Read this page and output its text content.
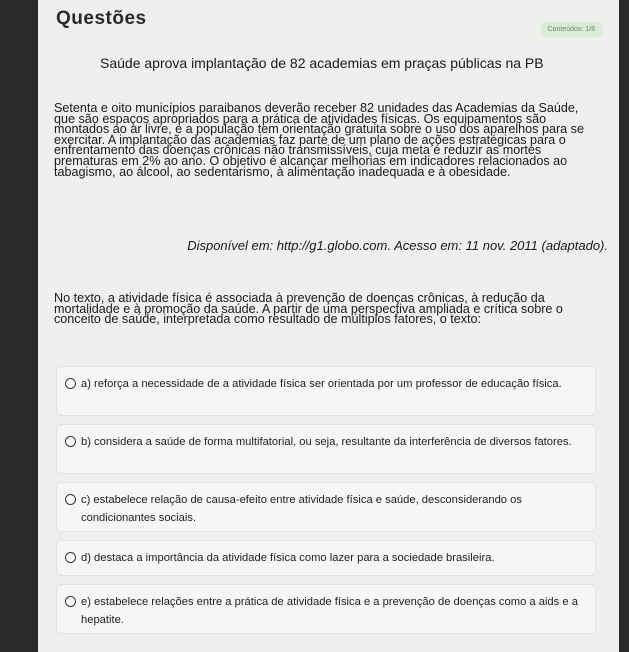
Questões
Conteúdos: 1/8
Saúde aprova implantação de 82 academias em praças públicas na PB

Setenta e oito municípios paraibanos deverão receber 82 unidades das Academias da Saúde, que são espaços apropriados para a prática de atividades físicas. Os equipamentos são montados ao ar livre, e a população tem orientação gratuita sobre o uso dos aparelhos para se exercitar. A implantação das academias faz parte de um plano de ações estratégicas para o enfrentamento das doenças crônicas não transmissíveis, cuja meta é reduzir as mortes prematuras em 2% ao ano. O objetivo é alcançar melhorias em indicadores relacionados ao tabagismo, ao álcool, ao sedentarismo, à alimentação inadequada e à obesidade.

Disponível em: http://g1.globo.com. Acesso em: 11 nov. 2011 (adaptado).

No texto, a atividade física é associada à prevenção de doenças crônicas, à redução da mortalidade e à promoção da saúde. A partir de uma perspectiva ampliada e crítica sobre o conceito de saúde, interpretada como resultado de múltiplos fatores, o texto:

a) reforça a necessidade de a atividade física ser orientada por um professor de educação física.
b) considera a saúde de forma multifatorial, ou seja, resultante da interferência de diversos fatores.
c) estabelece relação de causa-efeito entre atividade física e saúde, desconsiderando os condicionantes sociais.
d) destaca a importância da atividade física como lazer para a sociedade brasileira.
e) estabelece relações entre a prática de atividade física e a prevenção de doenças como a aids e a hepatite.
